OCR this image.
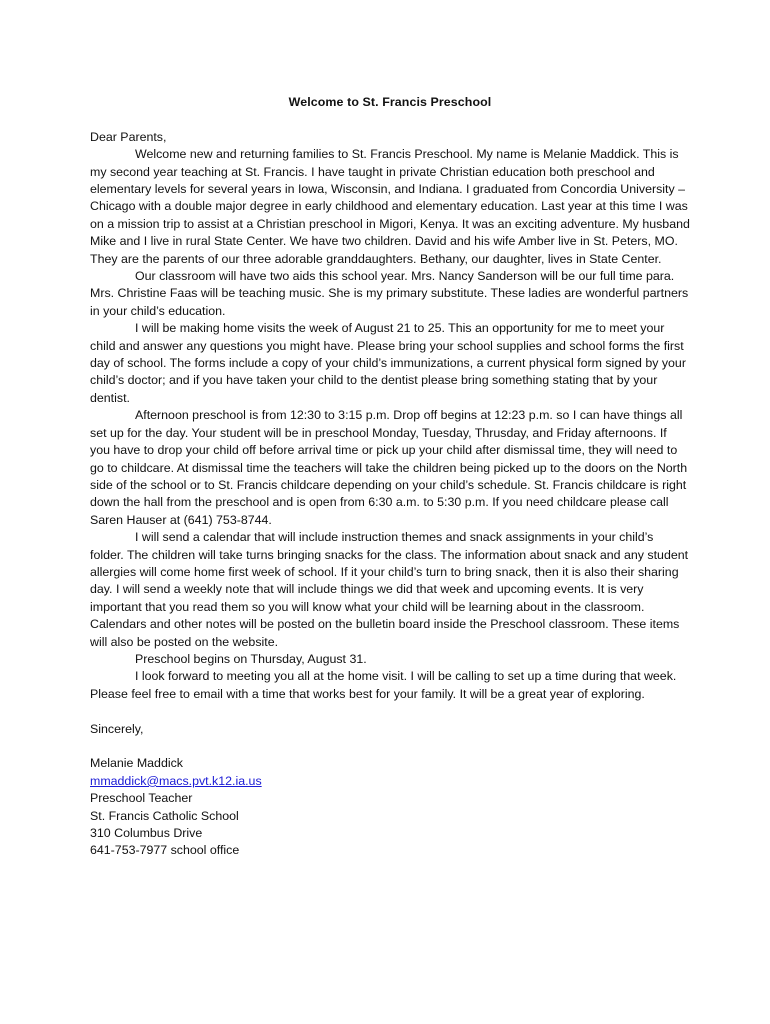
Welcome to St. Francis Preschool

Dear Parents,

Welcome new and returning families to St. Francis Preschool. My name is Melanie Maddick. This is my second year teaching at St. Francis. I have taught in private Christian education both preschool and elementary levels for several years in Iowa, Wisconsin, and Indiana. I graduated from Concordia University – Chicago with a double major degree in early childhood and elementary education. Last year at this time I was on a mission trip to assist at a Christian preschool in Migori, Kenya. It was an exciting adventure. My husband Mike and I live in rural State Center. We have two children. David and his wife Amber live in St. Peters, MO. They are the parents of our three adorable granddaughters. Bethany, our daughter, lives in State Center.

Our classroom will have two aids this school year. Mrs. Nancy Sanderson will be our full time para. Mrs. Christine Faas will be teaching music. She is my primary substitute. These ladies are wonderful partners in your child’s education.

I will be making home visits the week of August 21 to 25. This an opportunity for me to meet your child and answer any questions you might have. Please bring your school supplies and school forms the first day of school. The forms include a copy of your child’s immunizations, a current physical form signed by your child’s doctor; and if you have taken your child to the dentist please bring something stating that by your dentist.

Afternoon preschool is from 12:30 to 3:15 p.m. Drop off begins at 12:23 p.m. so I can have things all set up for the day. Your student will be in preschool Monday, Tuesday, Thrusday, and Friday afternoons. If you have to drop your child off before arrival time or pick up your child after dismissal time, they will need to go to childcare. At dismissal time the teachers will take the children being picked up to the doors on the North side of the school or to St. Francis childcare depending on your child’s schedule. St. Francis childcare is right down the hall from the preschool and is open from 6:30 a.m. to 5:30 p.m. If you need childcare please call Saren Hauser at (641) 753-8744.

I will send a calendar that will include instruction themes and snack assignments in your child’s folder. The children will take turns bringing snacks for the class. The information about snack and any student allergies will come home first week of school. If it your child’s turn to bring snack, then it is also their sharing day. I will send a weekly note that will include things we did that week and upcoming events. It is very important that you read them so you will know what your child will be learning about in the classroom. Calendars and other notes will be posted on the bulletin board inside the Preschool classroom. These items will also be posted on the website.

Preschool begins on Thursday, August 31.

I look forward to meeting you all at the home visit. I will be calling to set up a time during that week. Please feel free to email with a time that works best for your family. It will be a great year of exploring.

Sincerely,

Melanie Maddick

mmaddick@macs.pvt.k12.ia.us

Preschool Teacher

St. Francis Catholic School

310 Columbus Drive

641-753-7977 school office
